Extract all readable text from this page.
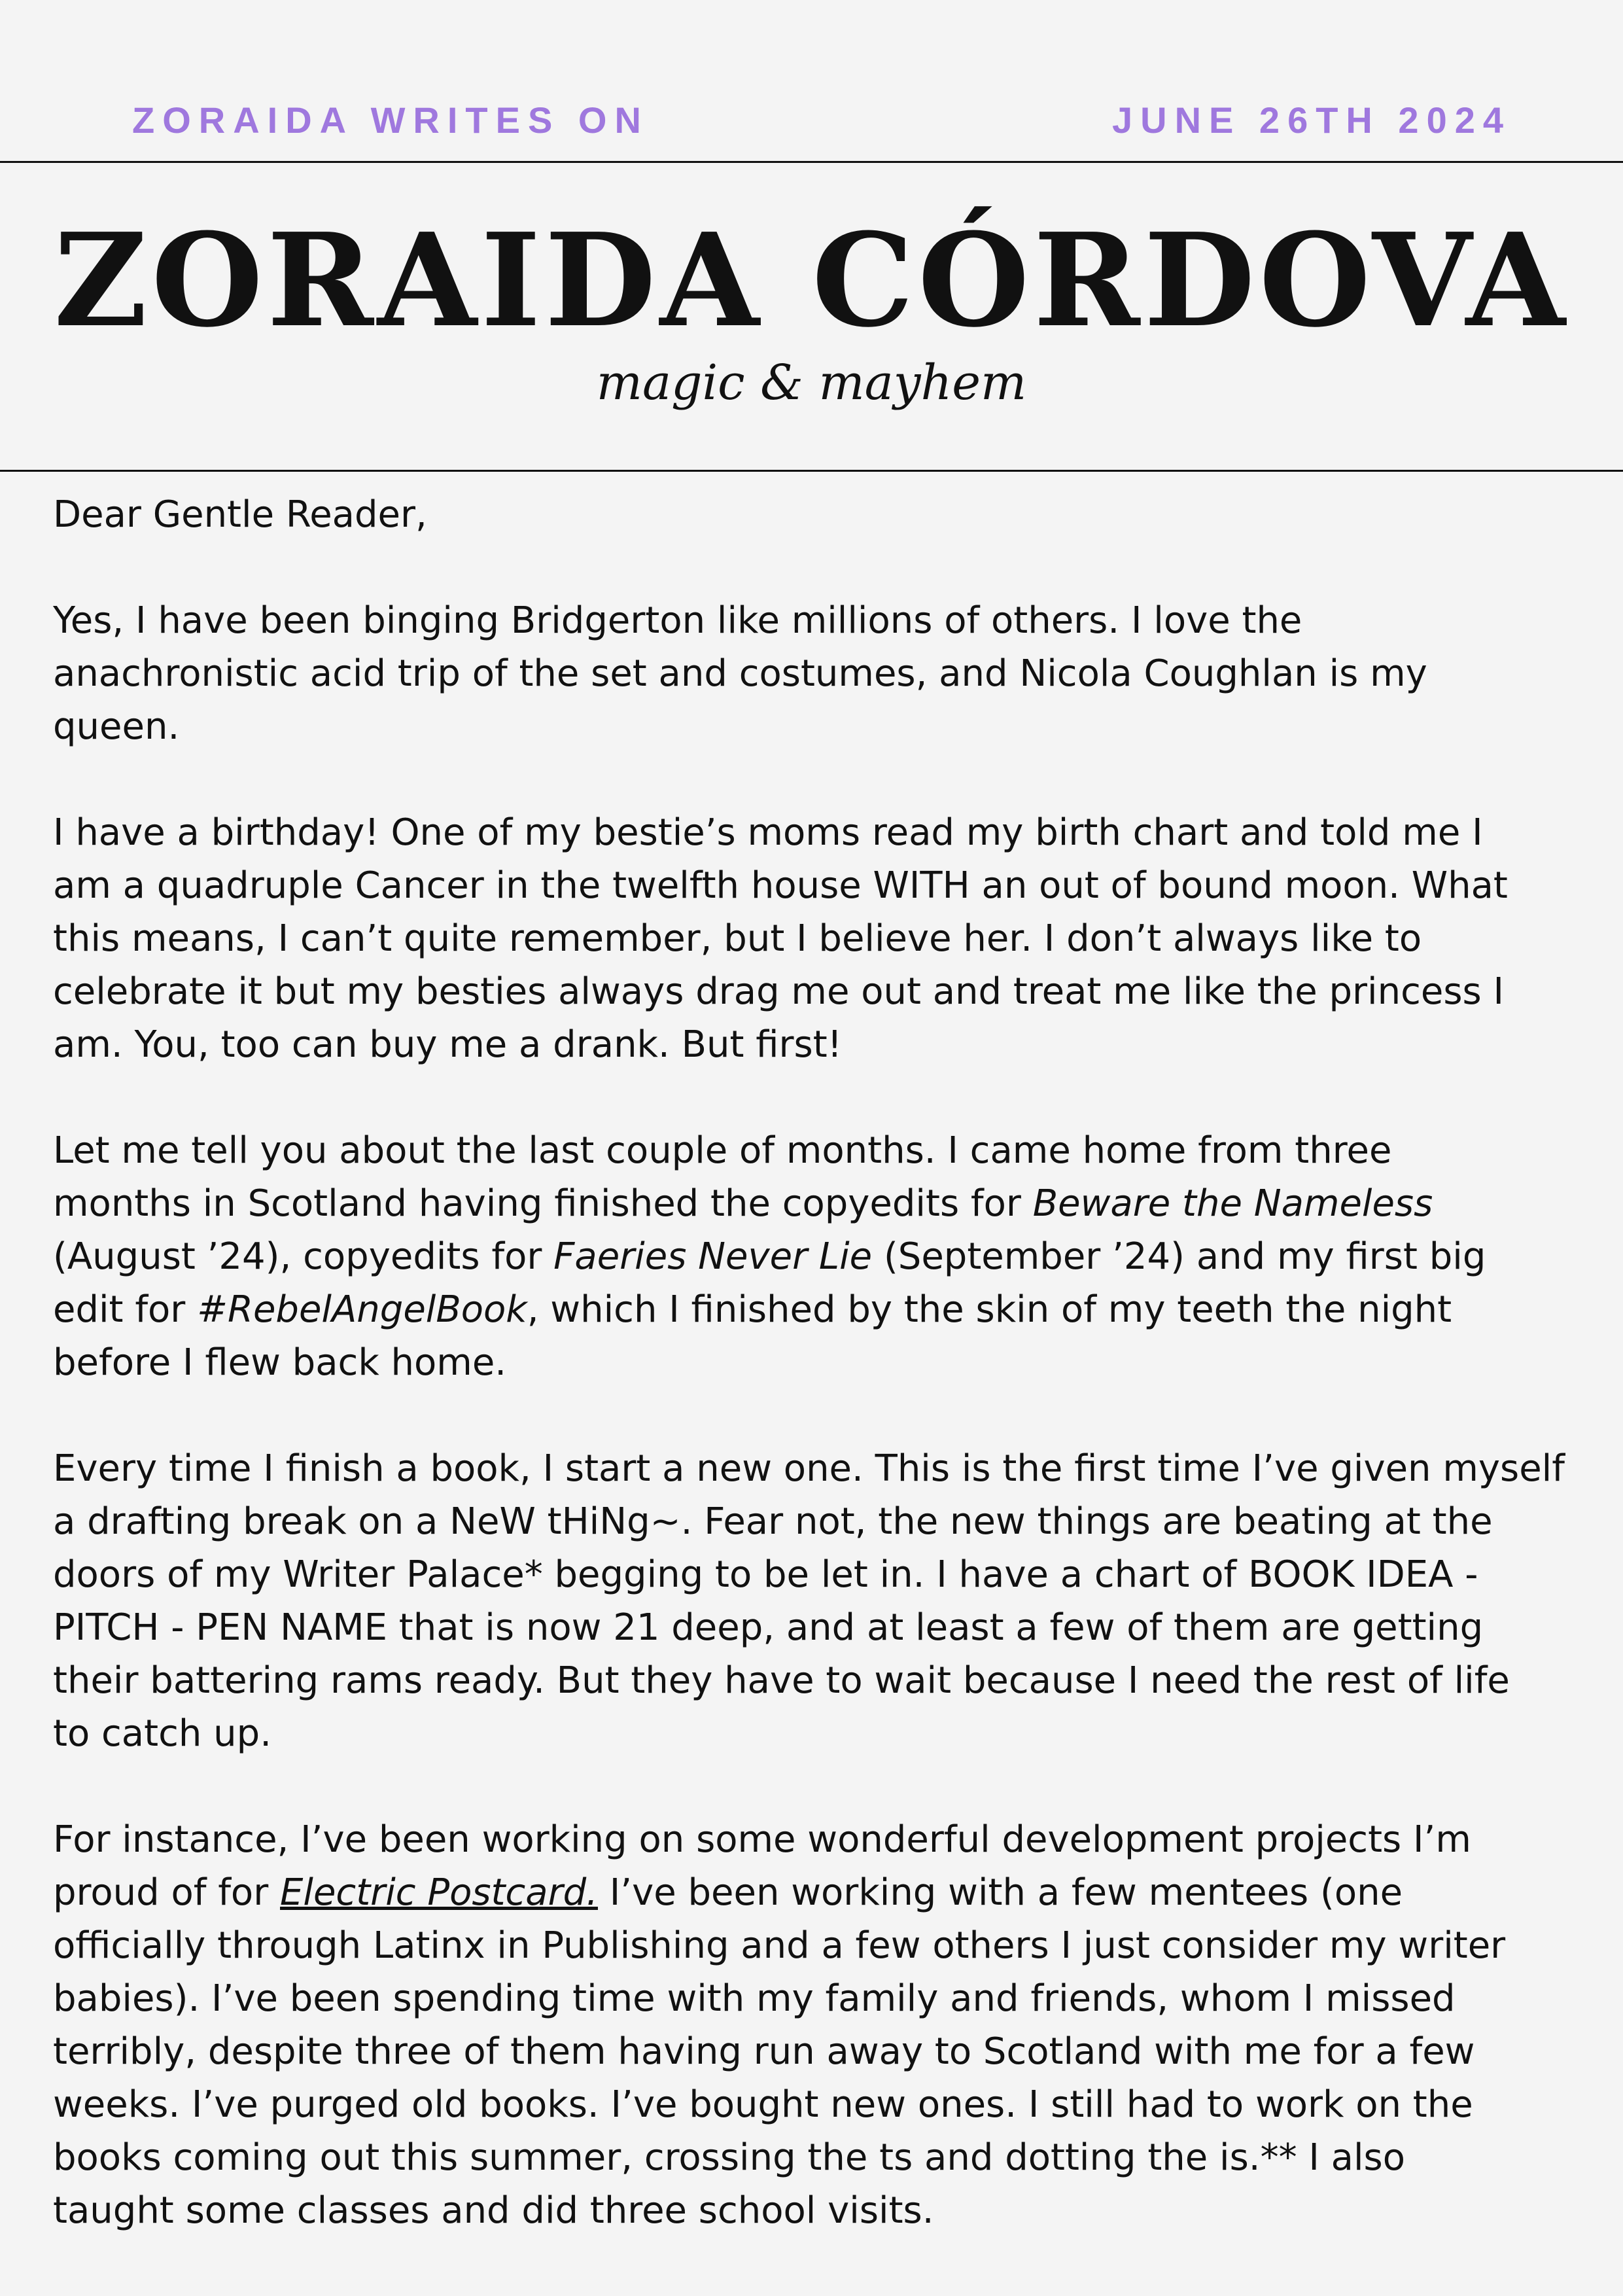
ZORAIDA WRITES ON	JUNE 26TH 2024
ZORAIDA CÓRDOVA
magic & mayhem

Dear Gentle Reader,

Yes, I have been binging Bridgerton like millions of others. I love the
anachronistic acid trip of the set and costumes, and Nicola Coughlan is my
queen.

I have a birthday! One of my bestie’s moms read my birth chart and told me I
am a quadruple Cancer in the twelfth house WITH an out of bound moon. What
this means, I can’t quite remember, but I believe her. I don’t always like to
celebrate it but my besties always drag me out and treat me like the princess I
am. You, too can buy me a drank. But first!

Let me tell you about the last couple of months. I came home from three
months in Scotland having finished the copyedits for Beware the Nameless
(August ’24), copyedits for Faeries Never Lie (September ’24) and my first big
edit for #RebelAngelBook, which I finished by the skin of my teeth the night
before I flew back home.

Every time I finish a book, I start a new one. This is the first time I’ve given myself
a drafting break on a NeW tHiNg~. Fear not, the new things are beating at the
doors of my Writer Palace* begging to be let in. I have a chart of BOOK IDEA -
PITCH - PEN NAME that is now 21 deep, and at least a few of them are getting
their battering rams ready. But they have to wait because I need the rest of life
to catch up.

For instance, I’ve been working on some wonderful development projects I’m
proud of for Electric Postcard. I’ve been working with a few mentees (one
officially through Latinx in Publishing and a few others I just consider my writer
babies). I’ve been spending time with my family and friends, whom I missed
terribly, despite three of them having run away to Scotland with me for a few
weeks. I’ve purged old books. I’ve bought new ones. I still had to work on the
books coming out this summer, crossing the ts and dotting the is.** I also
taught some classes and did three school visits.
